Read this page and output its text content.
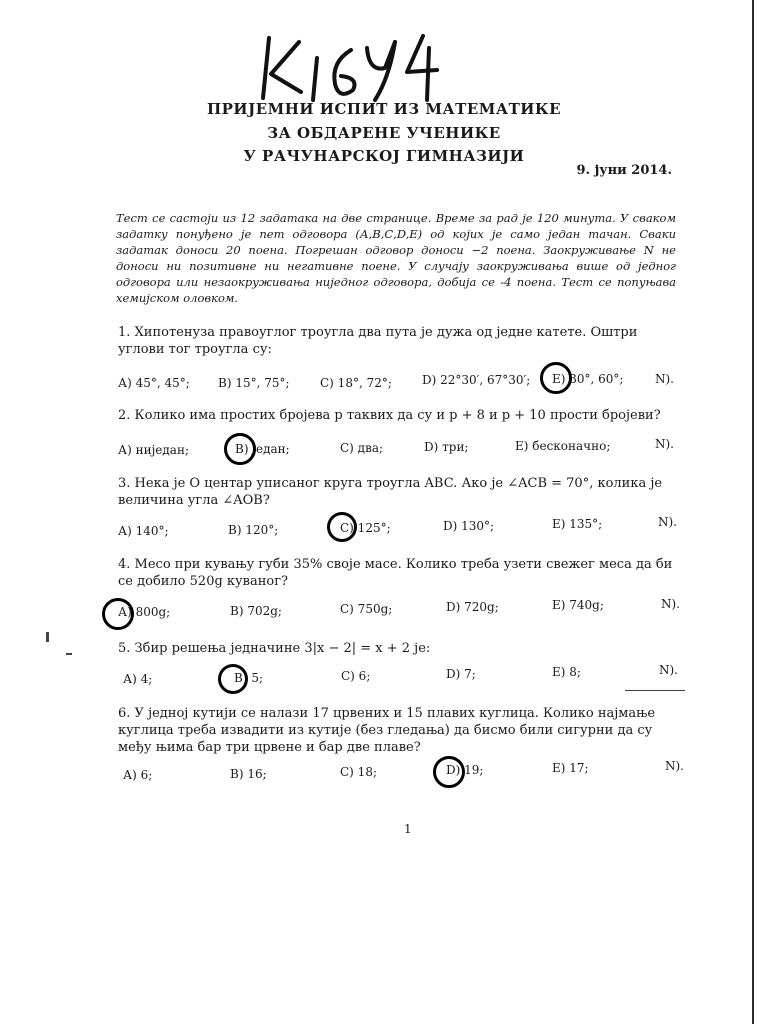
ПРИЈЕМНИ ИСПИТ ИЗ МАТЕМАТИКЕ
ЗА ОБДАРЕНЕ УЧЕНИКЕ
У РАЧУНАРСКОЈ ГИМНАЗИЈИ
9. јуни 2014.
Тест се састоји из 12 задатака на две странице. Време за рад је 120 минута. У сваком задатку понуђено је пет одговора (А,В,С,D,Е) од којих је само један тачан. Сваки задатак доноси 20 поена. Погрешан одговор доноси −2 поена. Заокруживање N не доноси ни позитивне ни негативне поене. У случају заокруживања више од једног одговора или незаокруживања ниједног одговора, добија се -4 поена. Тест се попуњава хемијском оловком.
1. Хипотенуза правоуглог троугла два пута је дужа од једне катете. Оштри углови тог троугла су:
А) 45°, 45°; В) 15°, 75°;	С) 18°, 72°;	D) 22°30′, 67°30′; Е) 30°, 60°;	N).
2. Колико има простих бројева p таквих да су и p + 8 и p + 10 прости бројеви?
А) ниједан;	В) један;	С) два;	D) три;	Е) бесконачно;	N).
3. Нека је O центар уписаног круга троугла ABC. Ако је ∠ACB = 70°, колика је величина угла ∠AOB?
А) 140°;	В) 120°;	С) 125°;	D) 130°;	Е) 135°;	N).
4. Месо при кувању губи 35% своје масе. Колико треба узети свежег меса да би се добило 520g куваног?
А) 800g;	В) 702g;	С) 750g;	D) 720g;	Е) 740g;	N).
5. Збир решења једначине 3|x − 2| = x + 2 је:
А) 4;	В) 5;	С) 6;	D) 7;	Е) 8;	N).
6. У једној кутији се налази 17 црвених и 15 плавих куглица. Колико најмање куглица треба извадити из кутије (без гледања) да бисмо били сигурни да су међу њима бар три црвене и бар две плаве?
А) 6;	В) 16;	С) 18;	D) 19;	Е) 17;	N).
1
